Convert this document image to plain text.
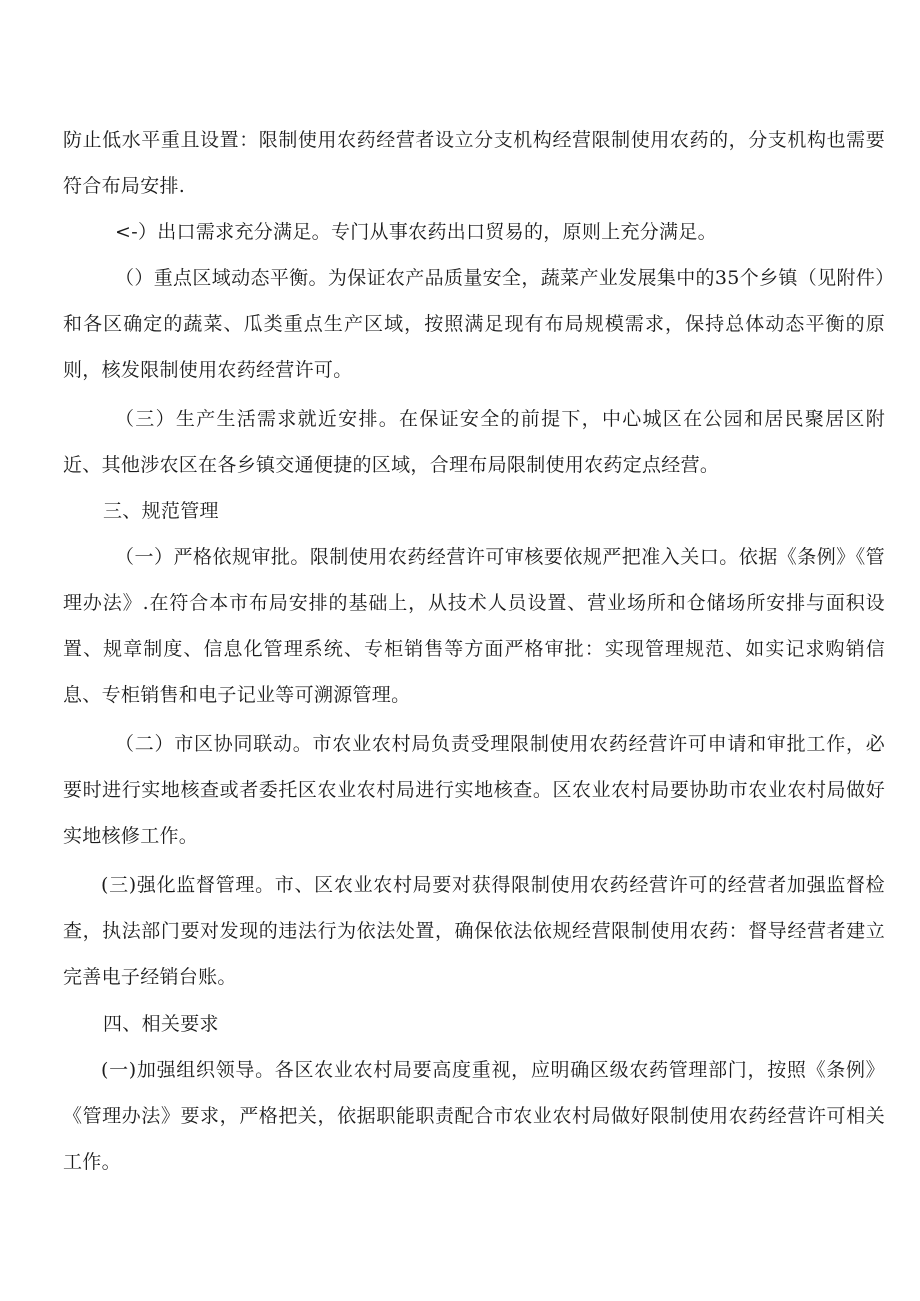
防止低水平重且设置：限制使用农药经营者设立分支机构经营限制使用农药的，分支机构也需要符合布局安排.

<-）出口需求充分满足。专门从事农药出口贸易的，原则上充分满足。

（）重点区域动态平衡。为保证农产品质量安全，蔬菜产业发展集中的35个乡镇（见附件）和各区确定的蔬菜、瓜类重点生产区域，按照满足现有布局规模需求，保持总体动态平衡的原则，核发限制使用农药经营许可。

（三）生产生活需求就近安排。在保证安全的前提下，中心城区在公园和居民聚居区附近、其他涉农区在各乡镇交通便捷的区域，合理布局限制使用农药定点经营。

三、规范管理

（一）严格依规审批。限制使用农药经营许可审核要依规严把准入关口。依据《条例》《管理办法》.在符合本市布局安排的基础上，从技术人员设置、营业场所和仓储场所安排与面积设置、规章制度、信息化管理系统、专柜销售等方面严格审批：实现管理规范、如实记求购销信息、专柜销售和电子记业等可溯源管理。

（二）市区协同联动。市农业农村局负责受理限制使用农药经营许可申请和审批工作，必要时进行实地核查或者委托区农业农村局进行实地核查。区农业农村局要协助市农业农村局做好实地核修工作。

(三)强化监督管理。市、区农业农村局要对获得限制使用农药经营许可的经营者加强监督检查，执法部门要对发现的违法行为依法处置，确保依法依规经营限制使用农药：督导经营者建立完善电子经销台账。

四、相关要求

(一)加强组织领导。各区农业农村局要高度重视，应明确区级农药管理部门，按照《条例》《管理办法》要求，严格把关，依据职能职责配合市农业农村局做好限制使用农药经营许可相关工作。
